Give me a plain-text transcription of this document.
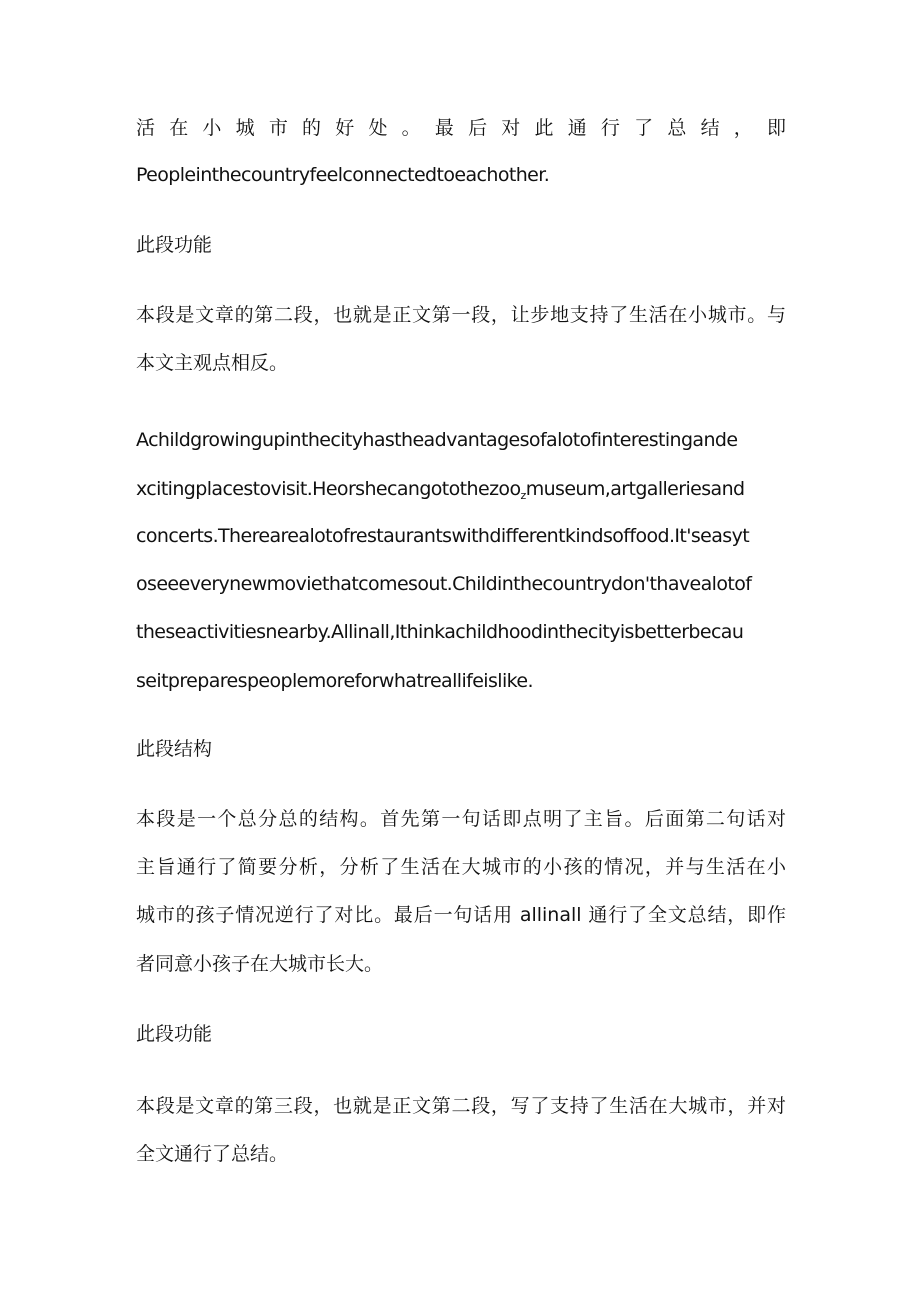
活在小城市的好处。最后对此通行了总结，即
Peopleinthecountryfeelconnectedtoeachother.
此段功能
本段是文章的第二段，也就是正文第一段，让步地支持了生活在小城市。与
本文主观点相反。
Achildgrowingupinthecityhastheadvantagesofalotofinterestingande
xcitingplacestovisit.Heorshecangotothezoo$_z$museum,artgalleriesand
concerts.Therearealotofrestaurantswithdifferentkindsoffood.It'seasyt
oseeeverynewmoviethatcomesout.Childinthecountrydon'thavealotof
theseactivitiesnearby.Allinall,Ithinkachildhoodinthecityisbetterbecau
seitpreparespeoplemoreforwhatreallifeislike.
此段结构
本段是一个总分总的结构。首先第一句话即点明了主旨。后面第二句话对
主旨通行了简要分析，分析了生活在大城市的小孩的情况，并与生活在小
城市的孩子情况逆行了对比。最后一句话用 allinall 通行了全文总结，即作
者同意小孩子在大城市长大。
此段功能
本段是文章的第三段，也就是正文第二段，写了支持了生活在大城市，并对
全文通行了总结。
